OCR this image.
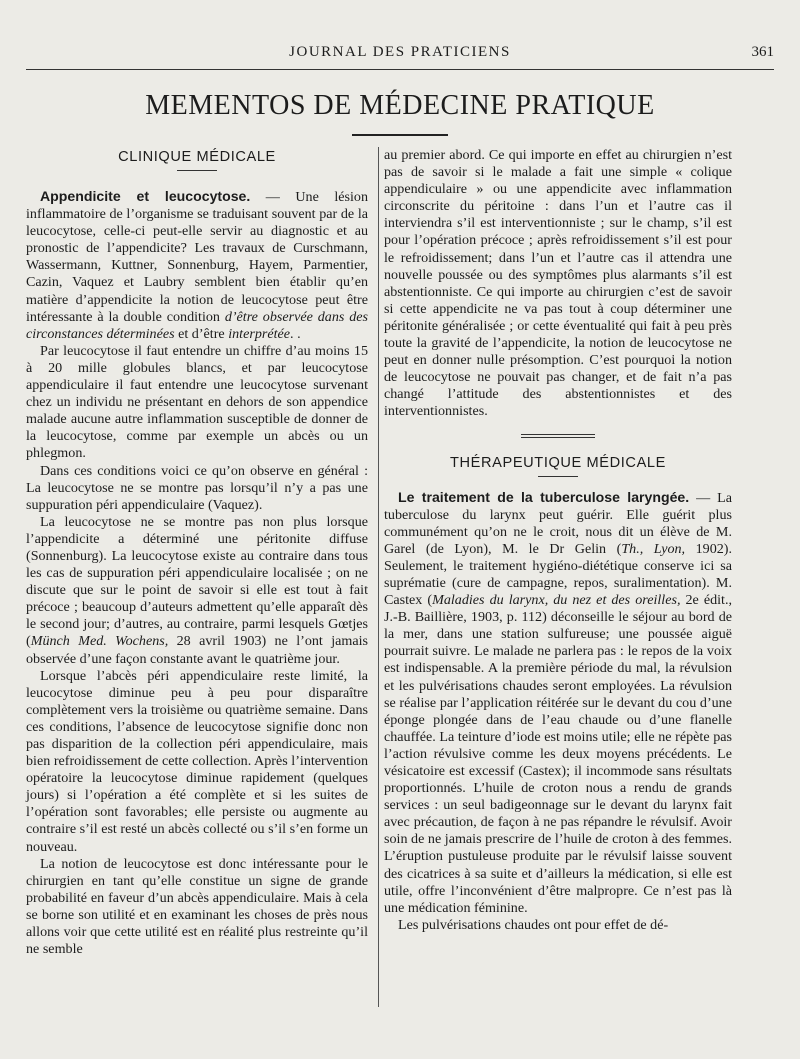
JOURNAL DES PRATICIENS	361
MEMENTOS DE MÉDECINE PRATIQUE
CLINIQUE MÉDICALE

Appendicite et leucocytose. — Une lésion inflammatoire de l’organisme se traduisant souvent par de la leucocytose, celle-ci peut-elle servir au diagnostic et au pronostic de l’appendicite? Les travaux de Curschmann, Wassermann, Kuttner, Sonnenburg, Hayem, Parmentier, Cazin, Vaquez et Laubry semblent bien établir qu’en matière d’appendicite la notion de leucocytose peut être intéressante à la double condition d’être observée dans des circonstances déterminées et d’être interprétée. .

Par leucocytose il faut entendre un chiffre d’au moins 15 à 20 mille globules blancs, et par leucocytose appendiculaire il faut entendre une leucocytose survenant chez un individu ne présentant en dehors de son appendice malade aucune autre inflammation susceptible de donner de la leucocytose, comme par exemple un abcès ou un phlegmon.

Dans ces conditions voici ce qu’on observe en général : La leucocytose ne se montre pas lorsqu’il n’y a pas une suppuration péri appendiculaire (Vaquez).

La leucocytose ne se montre pas non plus lorsque l’appendicite a déterminé une péritonite diffuse (Sonnenburg). La leucocytose existe au contraire dans tous les cas de suppuration péri appendiculaire localisée ; on ne discute que sur le point de savoir si elle est tout à fait précoce ; beaucoup d’auteurs admettent qu’elle apparaît dès le second jour; d’autres, au contraire, parmi lesquels Gœtjes (Münch Med. Wochens, 28 avril 1903) ne l’ont jamais observée d’une façon constante avant le quatrième jour.

Lorsque l’abcès péri appendiculaire reste limité, la leucocytose diminue peu à peu pour disparaître complètement vers la troisième ou quatrième semaine. Dans ces conditions, l’absence de leucocytose signifie donc non pas disparition de la collection péri appendiculaire, mais bien refroidissement de cette collection. Après l’intervention opératoire la leucocytose diminue rapidement (quelques jours) si l’opération a été complète et si les suites de l’opération sont favorables; elle persiste ou augmente au contraire s’il est resté un abcès collecté ou s’il s’en forme un nouveau.

La notion de leucocytose est donc intéressante pour le chirurgien en tant qu’elle constitue un signe de grande probabilité en faveur d’un abcès appendiculaire. Mais à cela se borne son utilité et en examinant les choses de près nous allons voir que cette utilité est en réalité plus restreinte qu’il ne semble

au premier abord. Ce qui importe en effet au chirurgien n’est pas de savoir si le malade a fait une simple « colique appendiculaire » ou une appendicite avec inflammation circonscrite du péritoine : dans l’un et l’autre cas il interviendra s’il est interventionniste ; sur le champ, s’il est pour l’opération précoce ; après refroidissement s’il est pour le refroidissement; dans l’un et l’autre cas il attendra une nouvelle poussée ou des symptômes plus alarmants s’il est abstentionniste. Ce qui importe au chirurgien c’est de savoir si cette appendicite ne va pas tout à coup déterminer une péritonite généralisée ; or cette éventualité qui fait à peu près toute la gravité de l’appendicite, la notion de leucocytose ne peut en donner nulle présomption. C’est pourquoi la notion de leucocytose ne pouvait pas changer, et de fait n’a pas changé l’attitude des abstentionnistes et des interventionnistes.

THÉRAPEUTIQUE MÉDICALE

Le traitement de la tuberculose laryngée. — La tuberculose du larynx peut guérir. Elle guérit plus communément qu’on ne le croit, nous dit un élève de M. Garel (de Lyon), M. le Dr Gelin (Th., Lyon, 1902). Seulement, le traitement hygiéno-diététique conserve ici sa suprématie (cure de campagne, repos, suralimentation). M. Castex (Maladies du larynx, du nez et des oreilles, 2e édit., J.-B. Baillière, 1903, p. 112) déconseille le séjour au bord de la mer, dans une station sulfureuse; une poussée aiguë pourrait suivre. Le malade ne parlera pas : le repos de la voix est indispensable. A la première période du mal, la révulsion et les pulvérisations chaudes seront employées. La révulsion se réalise par l’application réitérée sur le devant du cou d’une éponge plongée dans de l’eau chaude ou d’une flanelle chauffée. La teinture d’iode est moins utile; elle ne répète pas l’action révulsive comme les deux moyens précédents. Le vésicatoire est excessif (Castex); il incommode sans résultats proportionnés. L’huile de croton nous a rendu de grands services : un seul badigeonnage sur le devant du larynx fait avec précaution, de façon à ne pas répandre le révulsif. Avoir soin de ne jamais prescrire de l’huile de croton à des femmes. L’éruption pustuleuse produite par le révulsif laisse souvent des cicatrices à sa suite et d’ailleurs la médication, si elle est utile, offre l’inconvénient d’être malpropre. Ce n’est pas là une médication féminine.

Les pulvérisations chaudes ont pour effet de dé-
